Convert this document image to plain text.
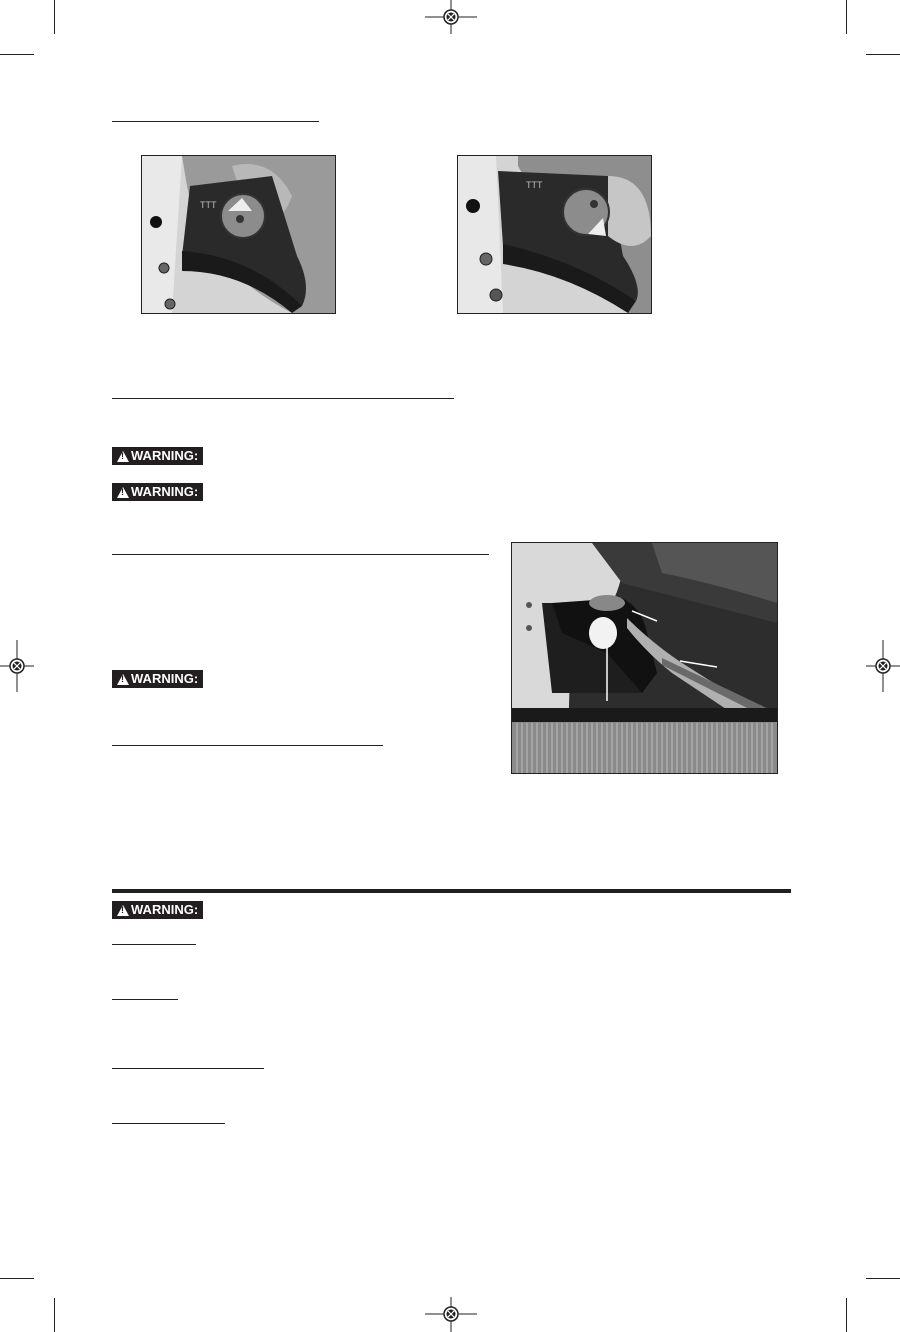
TTT
TTT
!
WARNING:
!
WARNING:
!
WARNING:
!
WARNING:
